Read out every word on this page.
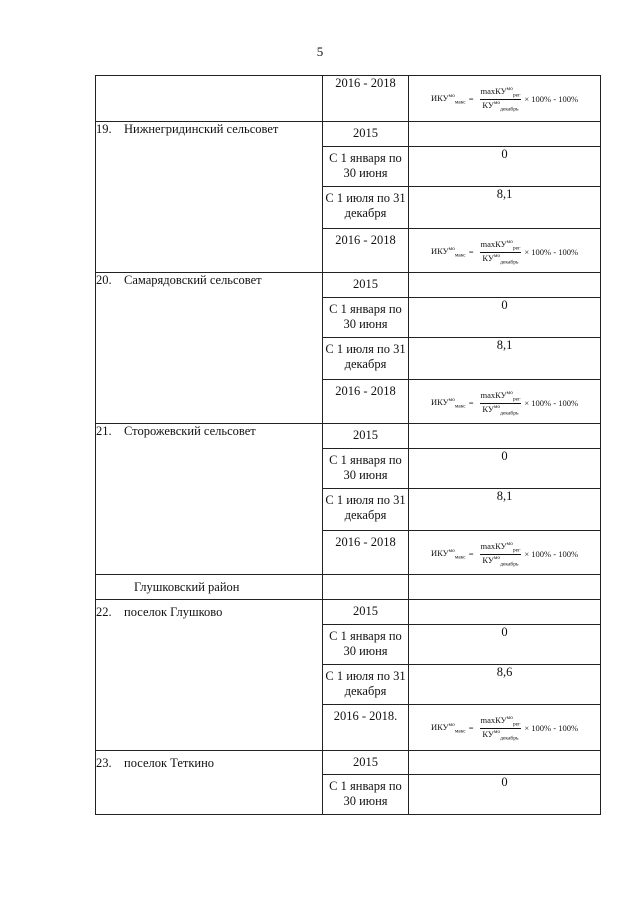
5
	2016 - 2018	$ИКУ^{мо}_{макс} = \frac{\max КУ^{мо}_{рег}}{КУ^{мо}_{декабрь}} \times 100\% - 100\%$

19. Нижнегридинский сельсовет	2015	
	С 1 января по 30 июня	0
	С 1 июля по 31 декабря	8,1
	2016 - 2018	$ИКУ^{мо}_{макс} = \frac{\max КУ^{мо}_{рег}}{КУ^{мо}_{декабрь}} \times 100\% - 100\%$

20. Самарядовский сельсовет	2015	
	С 1 января по 30 июня	0
	С 1 июля по 31 декабря	8,1
	2016 - 2018	$ИКУ^{мо}_{макс} = \frac{\max КУ^{мо}_{рег}}{КУ^{мо}_{декабрь}} \times 100\% - 100\%$

21. Сторожевский сельсовет	2015	
	С 1 января по 30 июня	0
	С 1 июля по 31 декабря	8,1
	2016 - 2018	$ИКУ^{мо}_{макс} = \frac{\max КУ^{мо}_{рег}}{КУ^{мо}_{декабрь}} \times 100\% - 100\%$

Глушковский район		
22. поселок Глушково	2015	
	С 1 января по 30 июня	0
	С 1 июля по 31 декабря	8,6
	2016 - 2018.	$ИКУ^{мо}_{макс} = \frac{\max КУ^{мо}_{рег}}{КУ^{мо}_{декабрь}} \times 100\% - 100\%$

23. поселок Теткино	2015	
	С 1 января по 30 июня	0
